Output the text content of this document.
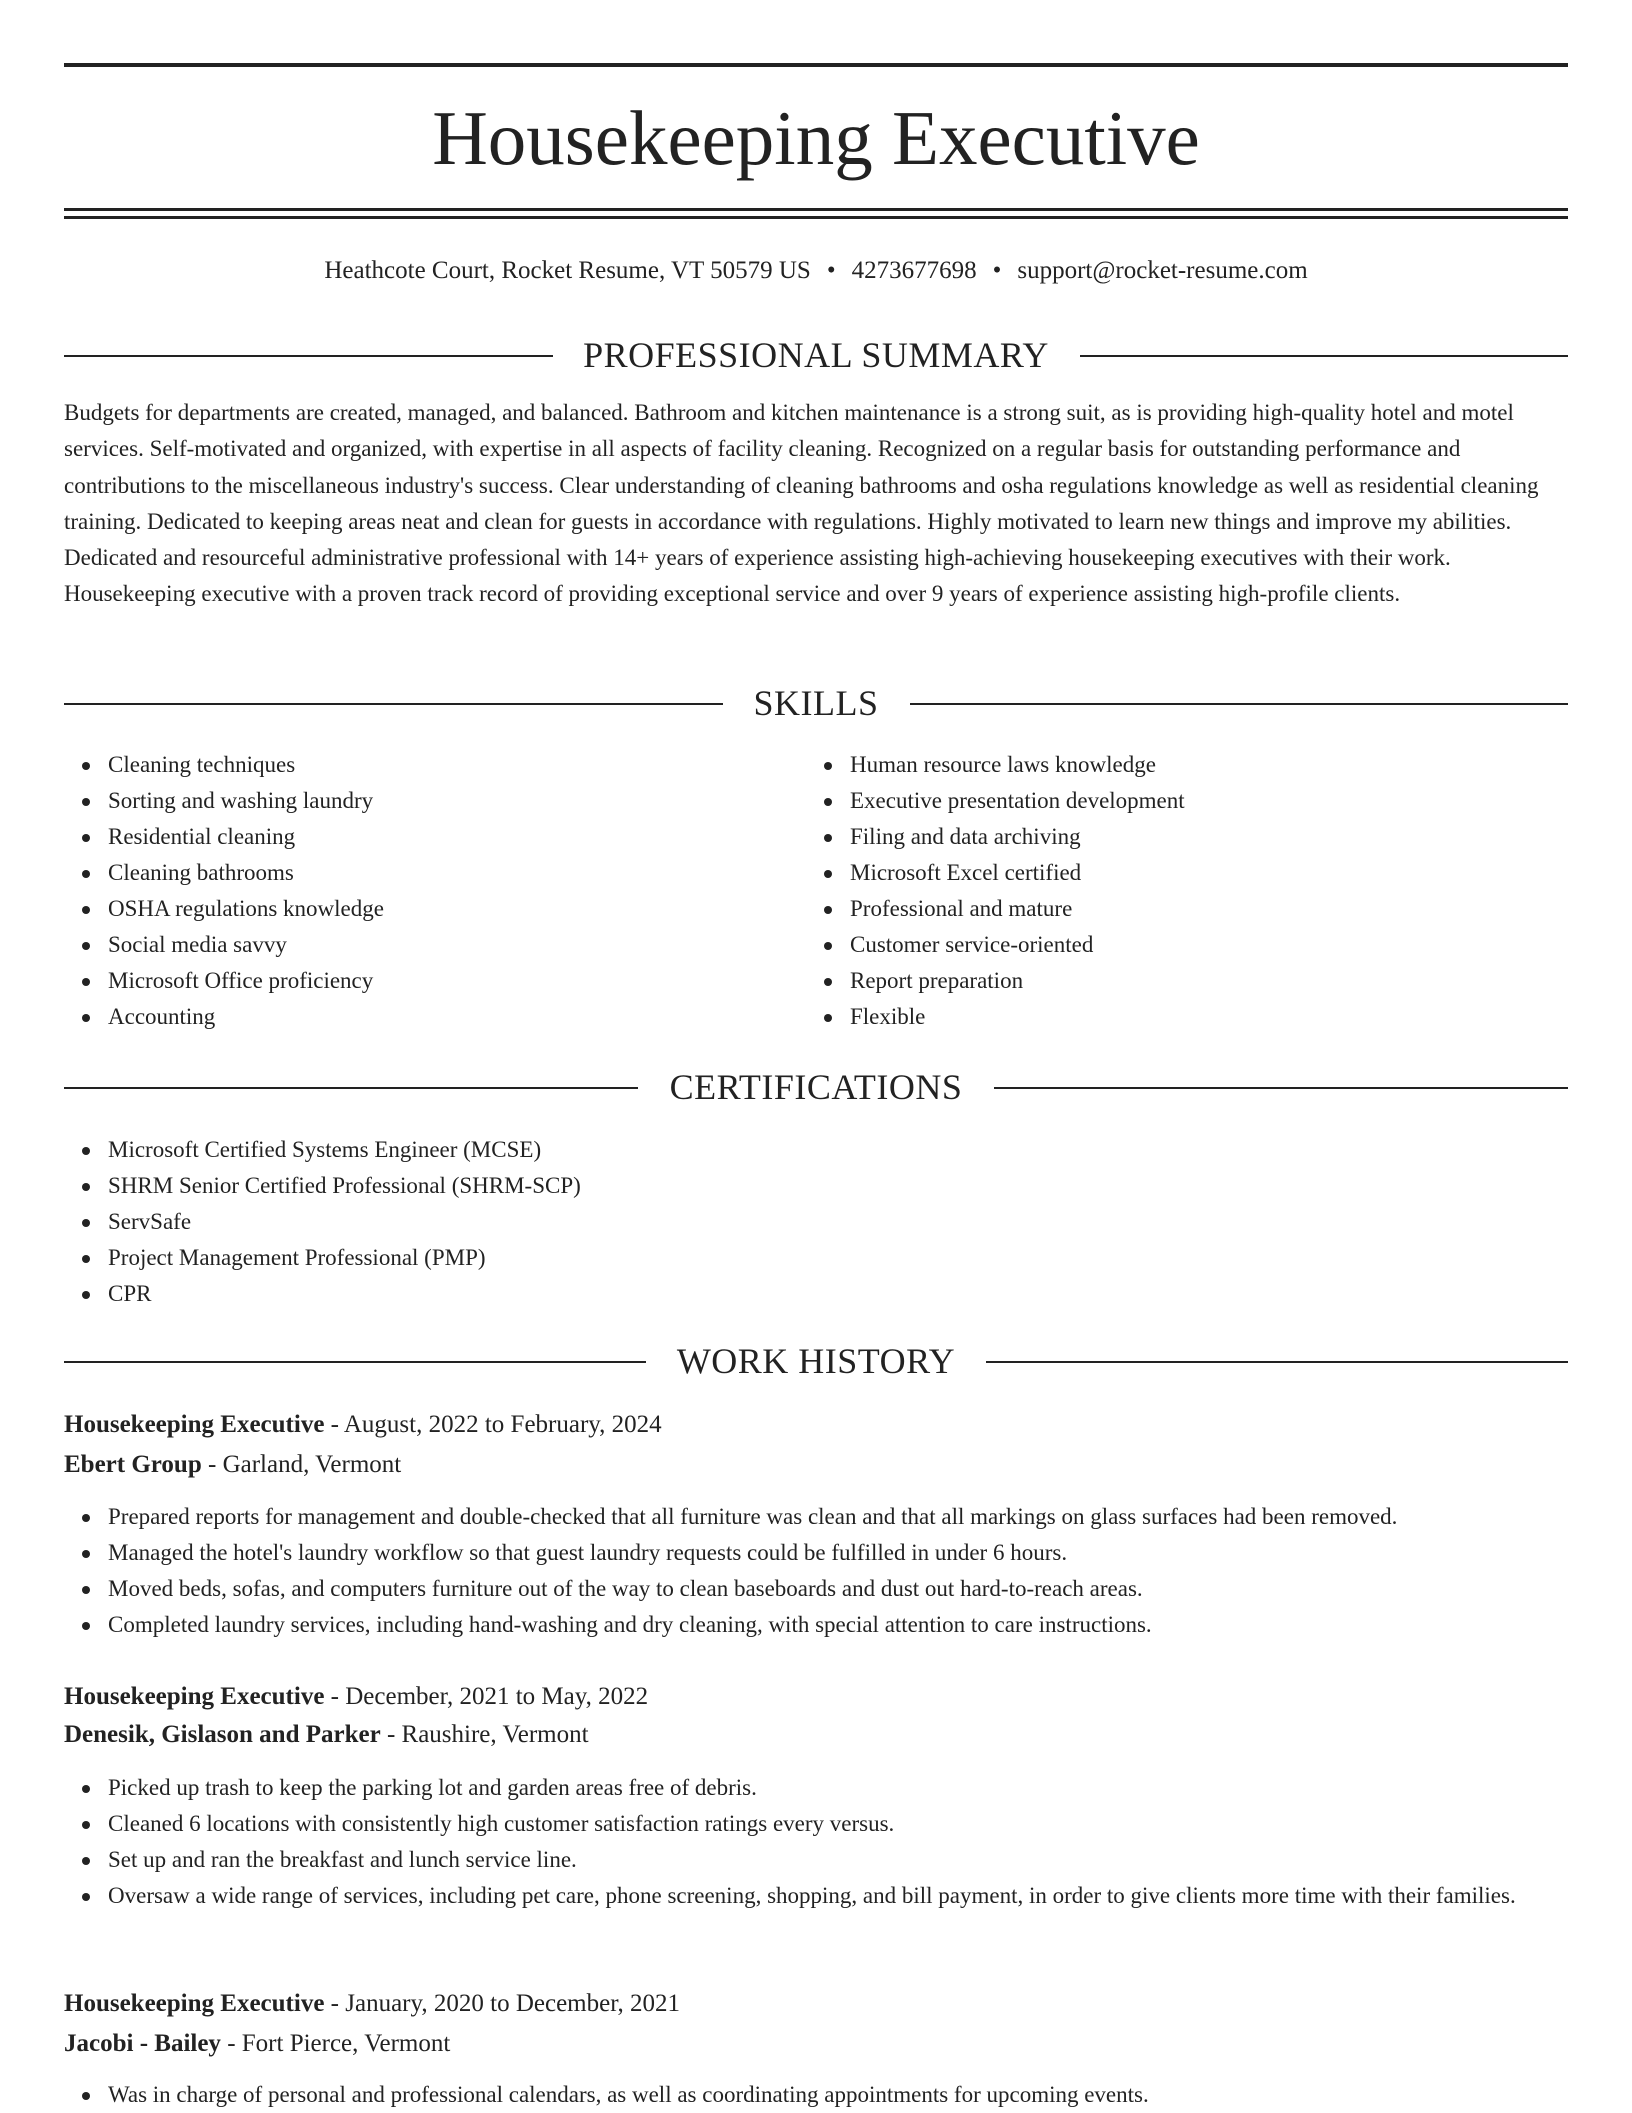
Housekeeping Executive
Heathcote Court, Rocket Resume, VT 50579 US • 4273677698 • support@rocket-resume.com
PROFESSIONAL SUMMARY

Budgets for departments are created, managed, and balanced. Bathroom and kitchen maintenance is a strong suit, as is providing high-quality hotel and motel services. Self-motivated and organized, with expertise in all aspects of facility cleaning. Recognized on a regular basis for outstanding performance and contributions to the miscellaneous industry's success. Clear understanding of cleaning bathrooms and osha regulations knowledge as well as residential cleaning training. Dedicated to keeping areas neat and clean for guests in accordance with regulations. Highly motivated to learn new things and improve my abilities. Dedicated and resourceful administrative professional with 14+ years of experience assisting high-achieving housekeeping executives with their work. Housekeeping executive with a proven track record of providing exceptional service and over 9 years of experience assisting high-profile clients.

SKILLS
Cleaning techniques
Sorting and washing laundry
Residential cleaning
Cleaning bathrooms
OSHA regulations knowledge
Social media savvy
Microsoft Office proficiency
Accounting
Human resource laws knowledge
Executive presentation development
Filing and data archiving
Microsoft Excel certified
Professional and mature
Customer service-oriented
Report preparation
Flexible
CERTIFICATIONS
Microsoft Certified Systems Engineer (MCSE)
SHRM Senior Certified Professional (SHRM-SCP)
ServSafe
Project Management Professional (PMP)
CPR
WORK HISTORY
Housekeeping Executive - August, 2022 to February, 2024
Ebert Group - Garland, Vermont
Prepared reports for management and double-checked that all furniture was clean and that all markings on glass surfaces had been removed.
Managed the hotel's laundry workflow so that guest laundry requests could be fulfilled in under 6 hours.
Moved beds, sofas, and computers furniture out of the way to clean baseboards and dust out hard-to-reach areas.
Completed laundry services, including hand-washing and dry cleaning, with special attention to care instructions.
Housekeeping Executive - December, 2021 to May, 2022
Denesik, Gislason and Parker - Raushire, Vermont
Picked up trash to keep the parking lot and garden areas free of debris.
Cleaned 6 locations with consistently high customer satisfaction ratings every versus.
Set up and ran the breakfast and lunch service line.
Oversaw a wide range of services, including pet care, phone screening, shopping, and bill payment, in order to give clients more time with their families.
Housekeeping Executive - January, 2020 to December, 2021
Jacobi - Bailey - Fort Pierce, Vermont
Was in charge of personal and professional calendars, as well as coordinating appointments for upcoming events.
